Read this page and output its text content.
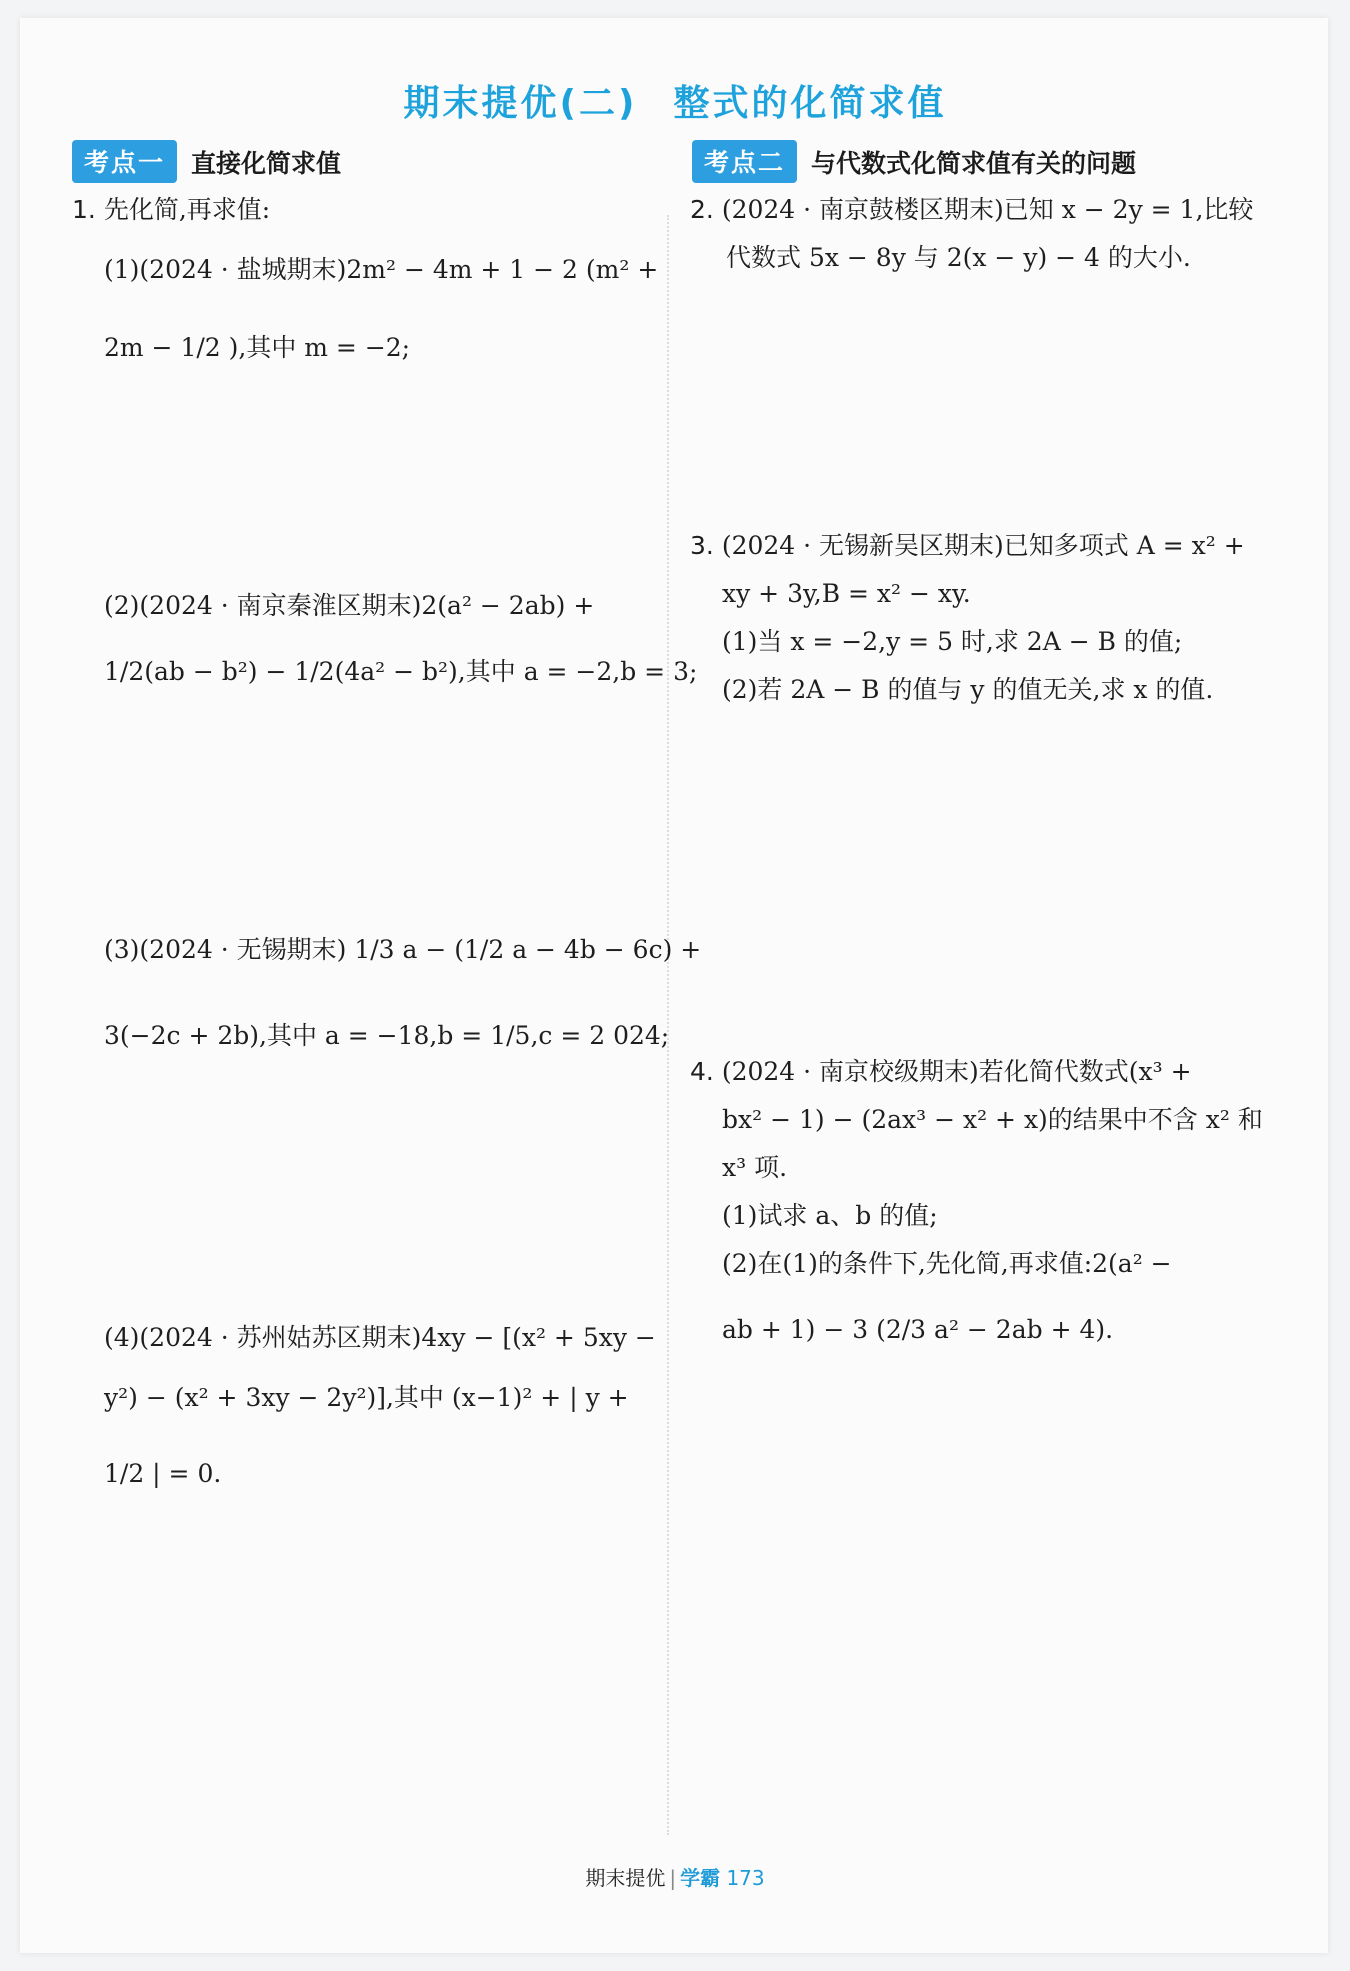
期末提优(二) 整式的化简求值
考点一	直接化简求值
1. 先化简,再求值:
(1)(2024 · 盐城期末)2m² − 4m + 1 − 2 (m² +
2m − 1/2 ),其中 m = −2;
(2)(2024 · 南京秦淮区期末)2(a² − 2ab) +
1/2(ab − b²) − 1/2(4a² − b²),其中 a = −2,b = 3;
(3)(2024 · 无锡期末) 1/3 a − (1/2 a − 4b − 6c) +
3(−2c + 2b),其中 a = −18,b = 1/5,c = 2 024;
(4)(2024 · 苏州姑苏区期末)4xy − [(x² + 5xy −
y²) − (x² + 3xy − 2y²)],其中 (x−1)² + | y +
1/2 | = 0.
考点二	与代数式化简求值有关的问题
2. (2024 · 南京鼓楼区期末)已知 x − 2y = 1,比较
代数式 5x − 8y 与 2(x − y) − 4 的大小.
3. (2024 · 无锡新吴区期末)已知多项式 A = x² +
xy + 3y,B = x² − xy.
(1)当 x = −2,y = 5 时,求 2A − B 的值;
(2)若 2A − B 的值与 y 的值无关,求 x 的值.
4. (2024 · 南京校级期末)若化简代数式(x³ +
bx² − 1) − (2ax³ − x² + x)的结果中不含 x² 和
x³ 项.
(1)试求 a、b 的值;
(2)在(1)的条件下,先化简,再求值:2(a² −
ab + 1) − 3 (2/3 a² − 2ab + 4).
期末提优 | 学霸 173
